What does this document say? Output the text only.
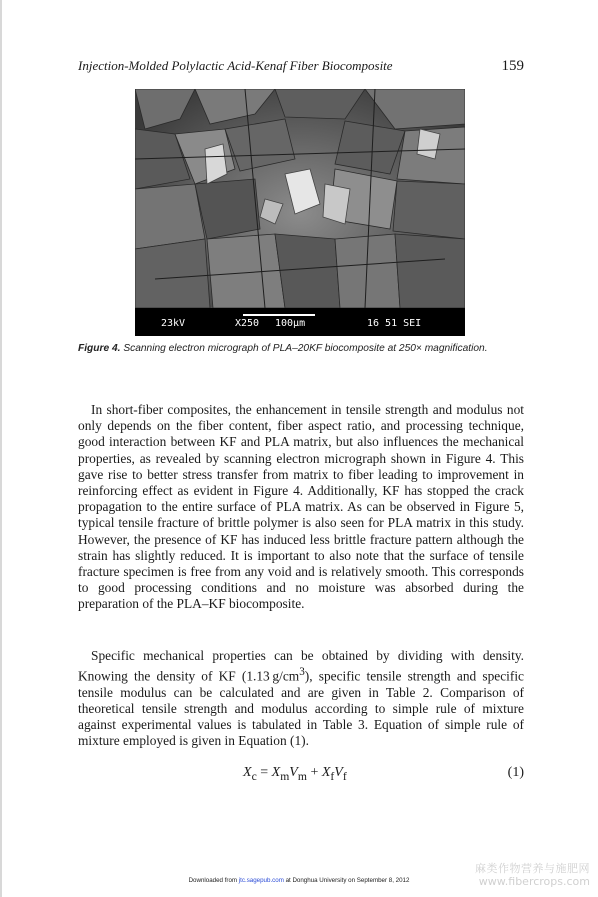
Injection-Molded Polylactic Acid-Kenaf Fiber Biocomposite	159
23kV	X250 100µm	16 51 SEI
Figure 4. Scanning electron micrograph of PLA–20KF biocomposite at 250× magnification.

In short-fiber composites, the enhancement in tensile strength and modulus not only depends on the fiber content, fiber aspect ratio, and processing technique, good interaction between KF and PLA matrix, but also influences the mechanical properties, as revealed by scanning electron micrograph shown in Figure 4. This gave rise to better stress transfer from matrix to fiber leading to improvement in reinforcing effect as evident in Figure 4. Additionally, KF has stopped the crack propagation to the entire surface of PLA matrix. As can be observed in Figure 5, typical tensile fracture of brittle polymer is also seen for PLA matrix in this study. However, the presence of KF has induced less brittle fracture pattern although the strain has slightly reduced. It is important to also note that the surface of tensile fracture specimen is free from any void and is relatively smooth. This corresponds to good processing conditions and no moisture was absorbed during the preparation of the PLA–KF biocomposite.

Specific mechanical properties can be obtained by dividing with density. Knowing the density of KF (1.13 $g/cm^3$), specific tensile strength and specific tensile modulus can be calculated and are given in Table 2. Comparison of theoretical tensile strength and modulus according to simple rule of mixture against experimental values is tabulated in Table 3. Equation of simple rule of mixture employed is given in Equation (1).

$X_c = X_mV_m + X_fV_f$	(1)
Downloaded from jtc.sagepub.com at Donghua University on September 8, 2012
麻类作物营养与施肥网
www.fibercrops.com
